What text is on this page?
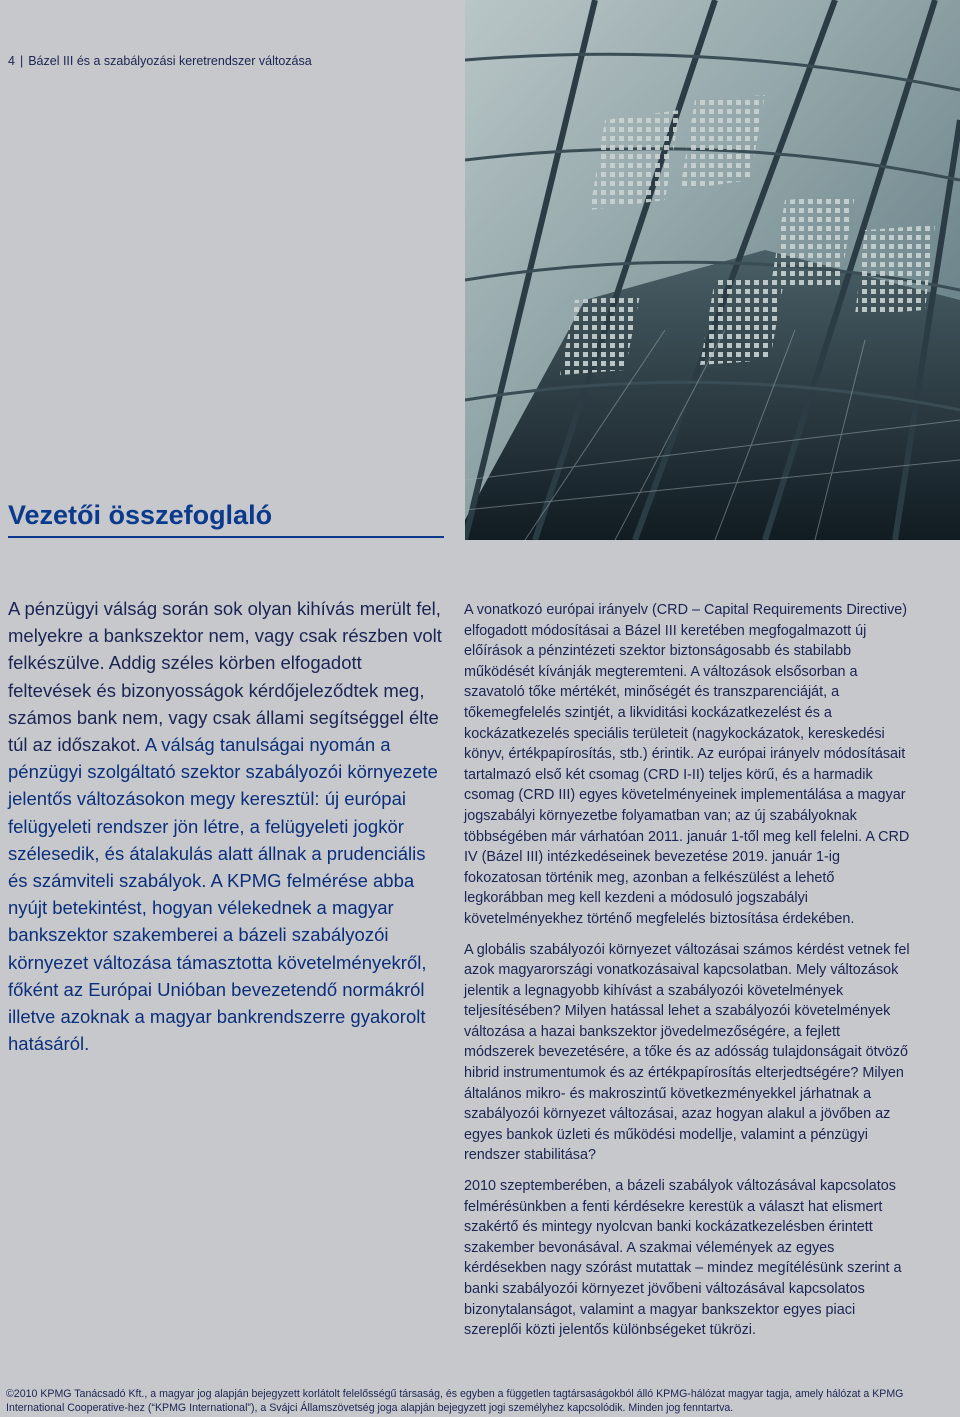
4 | Bázel III és a szabályozási keretrendszer változása
Vezetői összefoglaló

A pénzügyi válság során sok olyan kihívás merült fel, melyekre a bankszektor nem, vagy csak részben volt felkészülve. Addig széles körben elfogadott feltevések és bizonyosságok kérdőjeleződtek meg, számos bank nem, vagy csak állami segítséggel élte túl az időszakot. A válság tanulságai nyomán a pénzügyi szolgáltató szektor szabályozói környezete jelentős változásokon megy keresztül: új európai felügyeleti rendszer jön létre, a felügyeleti jogkör szélesedik, és átalakulás alatt állnak a prudenciális és számviteli szabályok. A KPMG felmérése abba nyújt betekintést, hogyan vélekednek a magyar bankszektor szakemberei a bázeli szabályozói környezet változása támasztotta követelményekről, főként az Európai Unióban bevezetendő normákról illetve azoknak a magyar bankrendszerre gyakorolt hatásáról.

A vonatkozó európai irányelv (CRD – Capital Requirements Directive) elfogadott módosításai a Bázel III keretében megfogalmazott új előírások a pénzintézeti szektor biztonságosabb és stabilabb működését kívánják megteremteni. A változások elsősorban a szavatoló tőke mértékét, minőségét és transzparenciáját, a tőkemegfelelés szintjét, a likviditási kockázatkezelést és a kockázatkezelés speciális területeit (nagykockázatok, kereskedési könyv, értékpapírosítás, stb.) érintik. Az európai irányelv módosításait tartalmazó első két csomag (CRD I-II) teljes körű, és a harmadik csomag (CRD III) egyes követelményeinek implementálása a magyar jogszabályi környezetbe folyamatban van; az új szabályoknak többségében már várhatóan 2011. január 1-től meg kell felelni. A CRD IV (Bázel III) intézkedéseinek bevezetése 2019. január 1-ig fokozatosan történik meg, azonban a felkészülést a lehető legkorábban meg kell kezdeni a módosuló jogszabályi követelményekhez történő megfelelés biztosítása érdekében.

A globális szabályozói környezet változásai számos kérdést vetnek fel azok magyarországi vonatkozásaival kapcsolatban. Mely változások jelentik a legnagyobb kihívást a szabályozói követelmények teljesítésében? Milyen hatással lehet a szabályozói követelmények változása a hazai bankszektor jövedelmezőségére, a fejlett módszerek bevezetésére, a tőke és az adósság tulajdonságait ötvöző hibrid instrumentumok és az értékpapírosítás elterjedtségére? Milyen általános mikro- és makroszintű következményekkel járhatnak a szabályozói környezet változásai, azaz hogyan alakul a jövőben az egyes bankok üzleti és működési modellje, valamint a pénzügyi rendszer stabilitása?

2010 szeptemberében, a bázeli szabályok változásával kapcsolatos felmérésünkben a fenti kérdésekre kerestük a választ hat elismert szakértő és mintegy nyolcvan banki kockázatkezelésben érintett szakember bevonásával. A szakmai vélemények az egyes kérdésekben nagy szórást mutattak – mindez megítélésünk szerint a banki szabályozói környezet jövőbeni változásával kapcsolatos bizonytalanságot, valamint a magyar bankszektor egyes piaci szereplői közti jelentős különbségeket tükrözi.

©2010 KPMG Tanácsadó Kft., a magyar jog alapján bejegyzett korlátolt felelősségű társaság, és egyben a független tagtársaságokból álló KPMG-hálózat magyar tagja, amely hálózat a KPMG International Cooperative-hez (“KPMG International”), a Svájci Államszövetség joga alapján bejegyzett jogi személyhez kapcsolódik. Minden jog fenntartva.
